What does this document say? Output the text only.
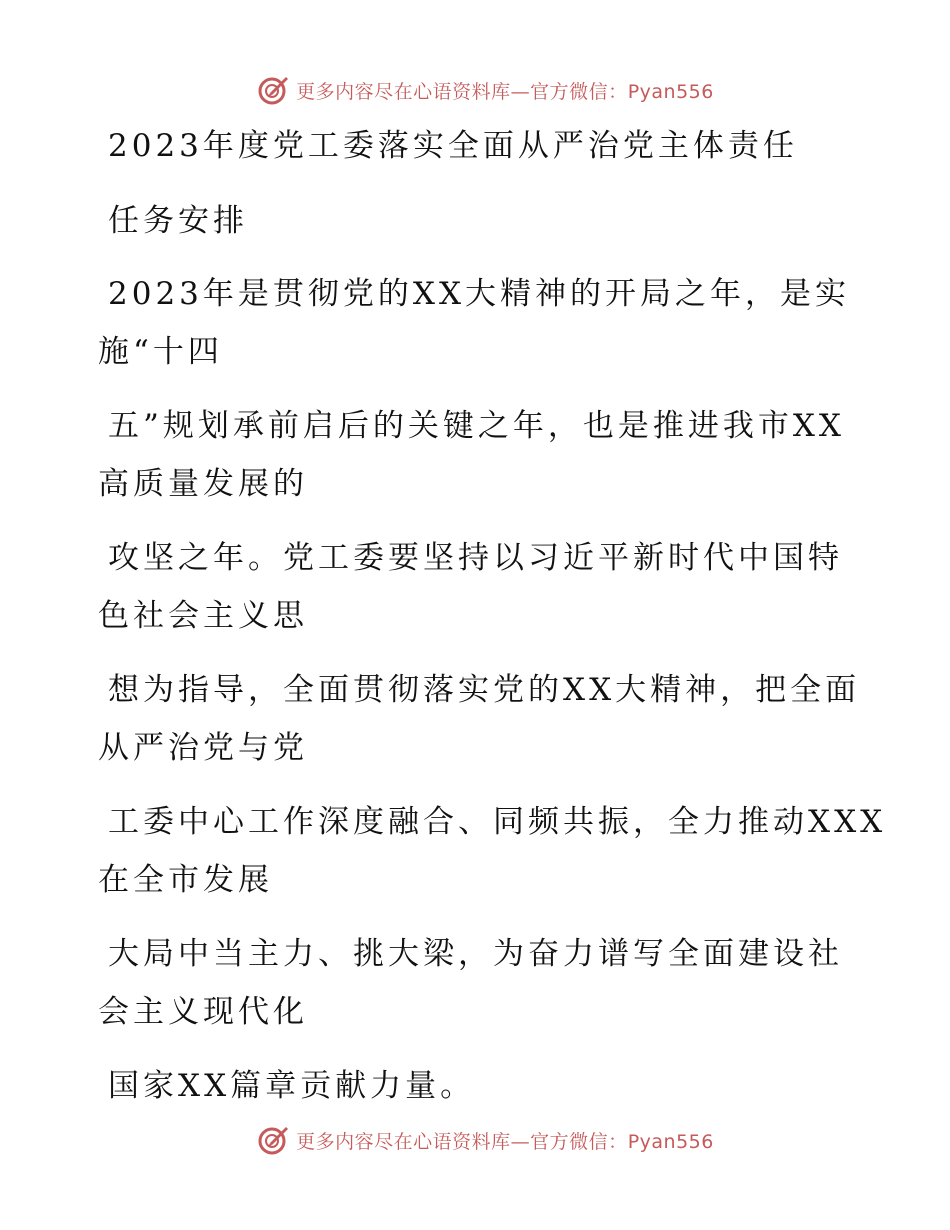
更多内容尽在心语资料库—官方微信：Pyan556
2023年度党工委落实全面从严治党主体责任
任务安排
2023年是贯彻党的XX大精神的开局之年，是实
施“十四
五”规划承前启后的关键之年，也是推进我市XX
高质量发展的
攻坚之年。党工委要坚持以习近平新时代中国特
色社会主义思
想为指导，全面贯彻落实党的XX大精神，把全面
从严治党与党
工委中心工作深度融合、同频共振，全力推动XXX
在全市发展
大局中当主力、挑大梁，为奋力谱写全面建设社
会主义现代化
国家XX篇章贡献力量。
更多内容尽在心语资料库—官方微信：Pyan556
